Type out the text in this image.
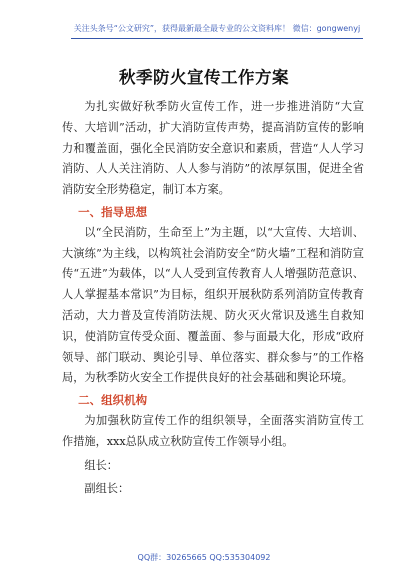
关注头条号“公文研究”，获得最新最全最专业的公文资料库！ 微信：gongwenyj
秋季防火宣传工作方案

为扎实做好秋季防火宣传工作，进一步推进消防“大宣传、大培训”活动，扩大消防宣传声势，提高消防宣传的影响力和覆盖面，强化全民消防安全意识和素质，营造“人人学习消防、人人关注消防、人人参与消防”的浓厚氛围，促进全省消防安全形势稳定，制订本方案。

一、指导思想

以“全民消防，生命至上”为主题，以“大宣传、大培训、大演练”为主线，以构筑社会消防安全“防火墙”工程和消防宣传“五进”为载体，以“人人受到宣传教育人人增强防范意识、人人掌握基本常识”为目标，组织开展秋防系列消防宣传教育活动，大力普及宣传消防法规、防火灭火常识及逃生自救知识，使消防宣传受众面、覆盖面、参与面最大化，形成“政府领导、部门联动、舆论引导、单位落实、群众参与”的工作格局，为秋季防火安全工作提供良好的社会基础和舆论环境。

二、组织机构

为加强秋防宣传工作的组织领导，全面落实消防宣传工作措施，xxx总队成立秋防宣传工作领导小组。

组长：

副组长：

QQ群：30265665 QQ:535304092
